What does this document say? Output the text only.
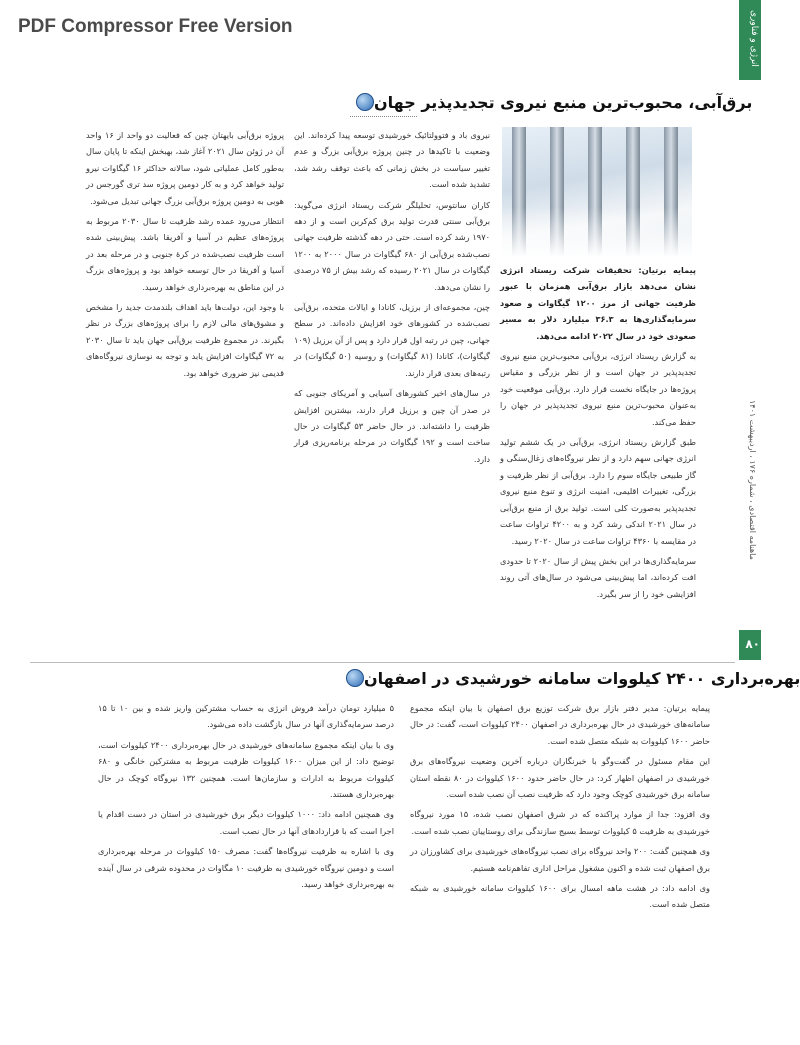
PDF Compressor Free Version	انرژی و فناوری
۸۰
ماهنامه اقتصادی ، شماره ۱۷۶ ، اردیبهشت ۱۴۰۱
برق‌آبی، محبوب‌ترین منبع نیروی تجدیدپذیر جهان

پیمایه برتیان: تحقیقات شرکت ریستاد انرژی نشان می‌دهد بازار برق‌آبی همزمان با عبور ظرفیت جهانی از مرز ۱۲۰۰ گیگاوات و صعود سرمایه‌گذاری‌ها به ۳۶.۳ میلیارد دلار به مسیر صعودی خود در سال ۲۰۲۲ ادامه می‌دهد.

به گزارش ریستاد انرژی، برق‌آبی محبوب‌ترین منبع نیروی تجدیدپذیر در جهان است و از نظر بزرگی و مقیاس پروژه‌ها در جایگاه نخست قرار دارد. برق‌آبی موقعیت خود به‌عنوان محبوب‌ترین منبع نیروی تجدیدپذیر در جهان را حفظ می‌کند.

طبق گزارش ریستاد انرژی، برق‌آبی در یک ششم تولید انرژی جهانی سهم دارد و از نظر نیروگاه‌های زغال‌سنگی و گاز طبیعی جایگاه سوم را دارد. برق‌آبی از نظر ظرفیت و بزرگی، تغییرات اقلیمی، امنیت انرژی و تنوع منبع نیروی تجدیدپذیر به‌صورت کلی است. تولید برق از منبع برق‌آبی در سال ۲۰۲۱ اندکی رشد کرد و به ۴۲۰۰ تراوات ساعت در مقایسه با ۴۳۶۰ تراوات ساعت در سال ۲۰۲۰ رسید.

سرمایه‌گذاری‌ها در این بخش پیش از سال ۲۰۲۰ تا حدودی افت کرده‌اند، اما پیش‌بینی می‌شود در سال‌های آتی روند افزایشی خود را از سر بگیرد.

نیروی باد و فتوولتائیک خورشیدی توسعه پیدا کرده‌اند. این وضعیت با تاکیدها در چنین پروژه برق‌آبی بزرگ و عدم تغییر سیاست در بخش زمانی که باعث توقف رشد شد، تشدید شده است.

کاران سانتوس، تحلیلگر شرکت ریستاد انرژی می‌گوید: برق‌آبی سنتی قدرت تولید برق کم‌کربن است و از دهه ۱۹۷۰ رشد کرده است. حتی در دهه گذشته ظرفیت جهانی نصب‌شده برق‌آبی از ۶۸۰ گیگاوات در سال ۲۰۰۰ به ۱۲۰۰ گیگاوات در سال ۲۰۲۱ رسیده که رشد بیش از ۷۵ درصدی را نشان می‌دهد.

چین، مجموعه‌ای از برزیل، کانادا و ایالات متحده، برق‌آبی نصب‌شده در کشورهای خود افزایش داده‌اند. در سطح جهانی، چین در رتبه اول قرار دارد و پس از آن برزیل (۱۰۹ گیگاوات)، کانادا (۸۱ گیگاوات) و روسیه (۵۰ گیگاوات) در رتبه‌های بعدی قرار دارند.

در سال‌های اخیر کشورهای آسیایی و آمریکای جنوبی که در صدر آن چین و برزیل قرار دارند، بیشترین افزایش ظرفیت را داشته‌اند. در حال حاضر ۵۳ گیگاوات در حال ساخت است و ۱۹۲ گیگاوات در مرحله برنامه‌ریزی قرار دارد.

پروژه برق‌آبی بایهتان چین که فعالیت دو واحد از ۱۶ واحد آن در ژوئن سال ۲۰۲۱ آغاز شد، بهبخش اینکه تا پایان سال به‌طور کامل عملیاتی شود، سالانه حداکثر ۱۶ گیگاوات نیرو تولید خواهد کرد و به کار دومین پروژه سد تری گورجس در هوبی به دومین پروژه برق‌آبی بزرگ جهانی تبدیل می‌شود.

انتظار می‌رود عمده رشد ظرفیت تا سال ۲۰۳۰ مربوط به پروژه‌های عظیم در آسیا و آفریقا باشد. پیش‌بینی شده است ظرفیت نصب‌شده در کرهٔ جنوبی و در مرحله بعد در آسیا و آفریقا در حال توسعه خواهد بود و پروژه‌های بزرگ در این مناطق به بهره‌برداری خواهد رسید.

با وجود این، دولت‌ها باید اهداف بلندمدت جدید را مشخص و مشوق‌های مالی لازم را برای پروژه‌های بزرگ در نظر بگیرند. در مجموع ظرفیت برق‌آبی جهان باید تا سال ۲۰۳۰ به ۷۲ گیگاوات افزایش یابد و توجه به نوسازی نیروگاه‌های قدیمی نیز ضروری خواهد بود.

بهره‌برداری ۲۴۰۰ کیلووات سامانه خورشیدی در اصفهان

پیمایه برتیان: مدیر دفتر بازار برق شرکت توزیع برق اصفهان با بیان اینکه مجموع سامانه‌های خورشیدی در حال بهره‌برداری در اصفهان ۲۴۰۰ کیلووات است، گفت: در حال حاضر ۱۶۰۰ کیلووات به شبکه متصل شده است.

این مقام مسئول در گفت‌وگو با خبرنگاران درباره آخرین وضعیت نیروگاه‌های برق خورشیدی در اصفهان اظهار کرد: در حال حاضر حدود ۱۶۰۰ کیلووات در ۸۰ نقطه استان سامانه برق خورشیدی کوچک وجود دارد که ظرفیت نصب آن نصب شده است.

وی افزود: جدا از موارد پراکنده که در شرق اصفهان نصب شده، ۱۵ مورد نیروگاه خورشیدی به ظرفیت ۵ کیلووات توسط بسیج سازندگی برای روستاییان نصب شده است.

وی همچنین گفت: ۲۰۰ واحد نیروگاه برای نصب نیروگاه‌های خورشیدی برای کشاورزان در برق اصفهان ثبت شده و اکنون مشغول مراحل اداری تفاهم‌نامه هستیم.

وی ادامه داد: در هشت ماهه امسال برای ۱۶۰۰ کیلووات سامانه خورشیدی به شبکه متصل شده است.

۵ میلیارد تومان درآمد فروش انرژی به حساب مشترکین واریز شده و بین ۱۰ تا ۱۵ درصد سرمایه‌گذاری آنها در سال بازگشت داده می‌شود.

وی با بیان اینکه مجموع سامانه‌های خورشیدی در حال بهره‌برداری ۲۴۰۰ کیلووات است، توضیح داد: از این میزان ۱۶۰۰ کیلووات ظرفیت مربوط به مشترکین خانگی و ۶۸۰ کیلووات مربوط به ادارات و سازمان‌ها است. همچنین ۱۳۲ نیروگاه کوچک در حال بهره‌برداری هستند.

وی همچنین ادامه داد: ۱۰۰۰ کیلووات دیگر برق خورشیدی در استان در دست اقدام یا اجرا است که با قراردادهای آنها در حال نصب است.

وی با اشاره به ظرفیت نیروگاه‌ها گفت: مصرف ۱۵۰ کیلووات در مرحله بهره‌برداری است و دومین نیروگاه خورشیدی به ظرفیت ۱۰ مگاوات در محدوده شرقی در سال آینده به بهره‌برداری خواهد رسید.
